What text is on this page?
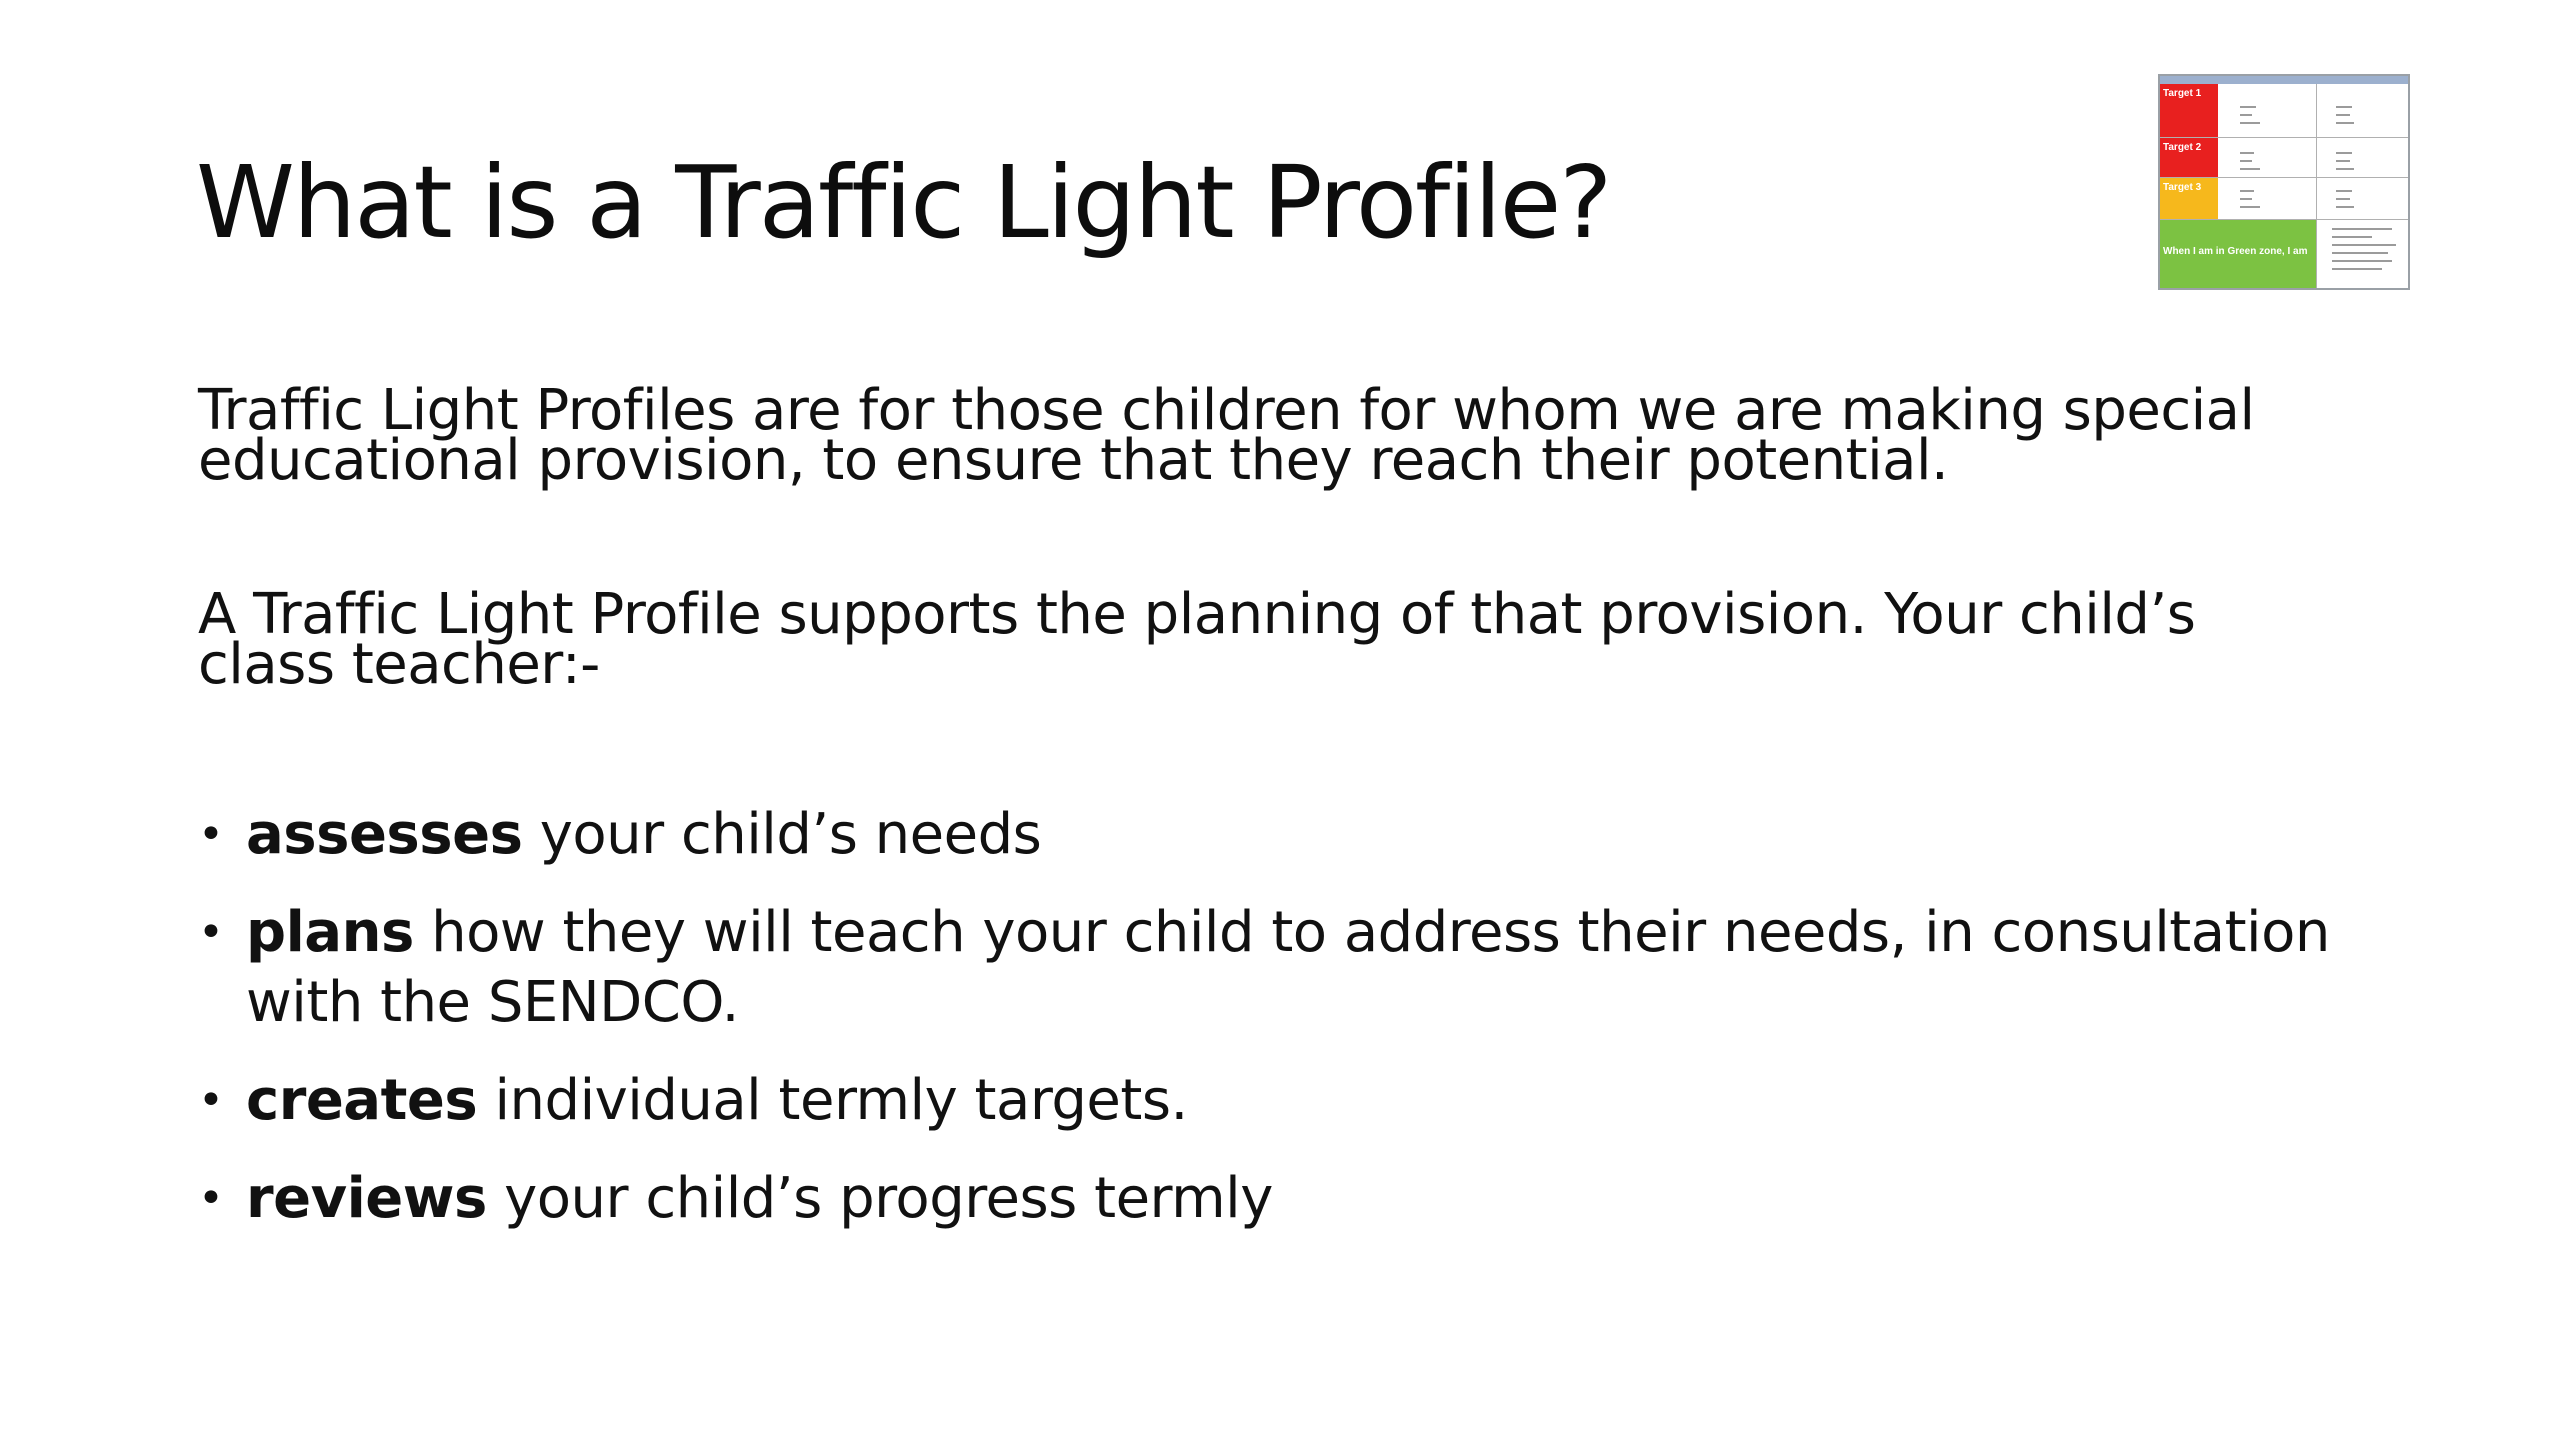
What is a Traffic Light Profile?
Traffic Light Profiles are for those children for whom we are making special
educational provision, to ensure that they reach their potential.
A Traffic Light Profile supports the planning of that provision. Your child’s
class teacher:-
• assesses your child’s needs
• plans how they will teach your child to address their needs, in consultation
with the SENDCO.
• creates individual termly targets.
• reviews your child’s progress termly
Target 1
Target 2
Target 3
When I am in Green zone, I am
